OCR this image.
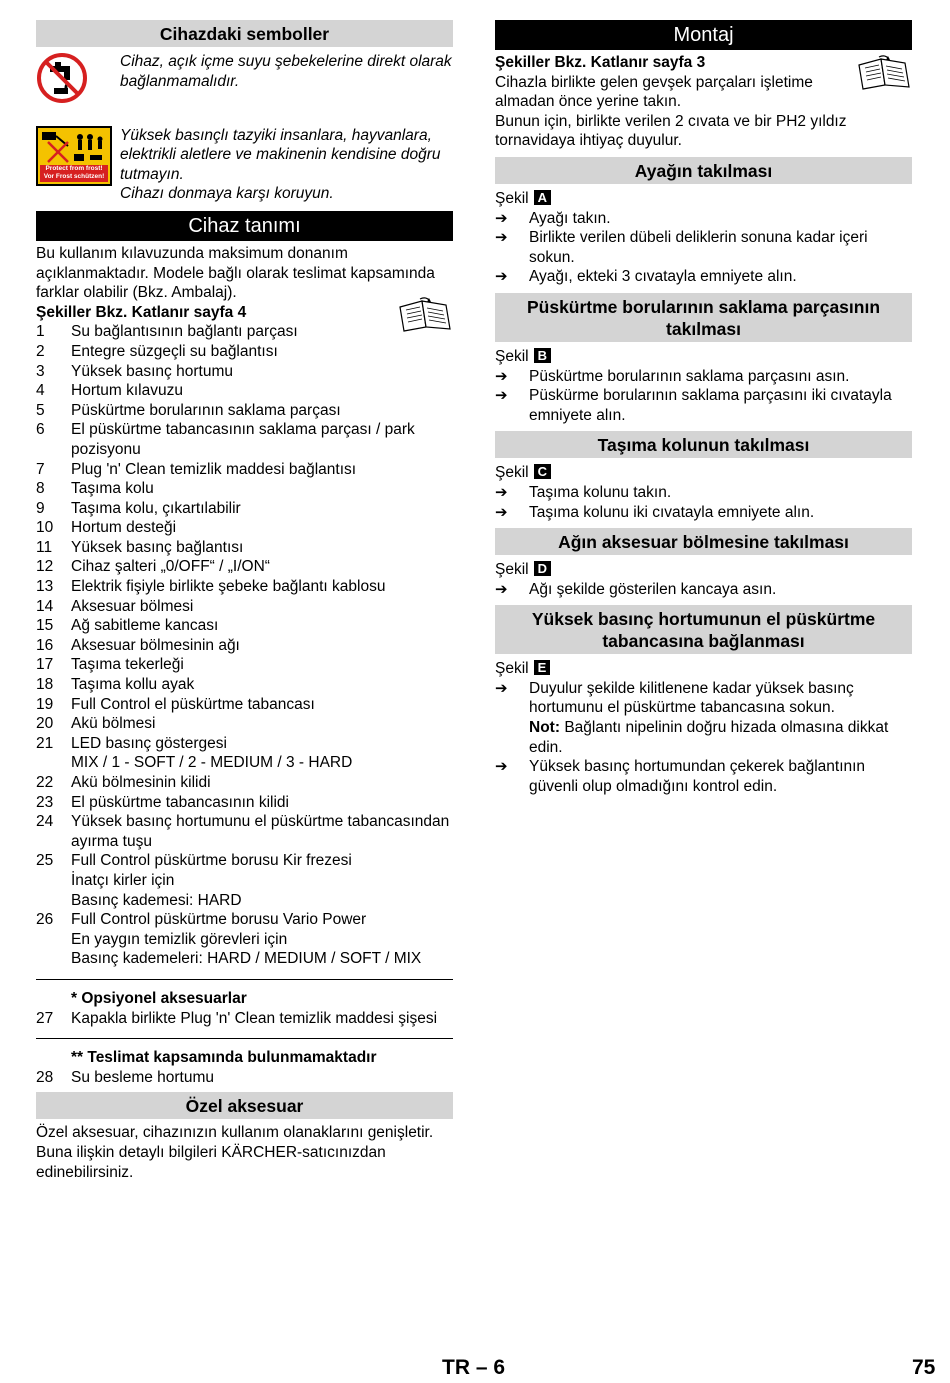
Cihazdaki semboller
Cihaz, açık içme suyu şebekelerine direkt olarak bağlanmamalıdır.
Protect from frost!
Vor Frost schützen!

Yüksek basınçlı tazyiki insanlara, hayvanlara, elektrikli aletlere ve makinenin kendisine doğru tutmayın.

Cihazı donmaya karşı koruyun.

Cihaz tanımı

Bu kullanım kılavuzunda maksimum donanım açıklanmaktadır. Modele bağlı olarak teslimat kapsamında farklar olabilir (Bkz. Ambalaj).

Şekiller Bkz. Katlanır sayfa 4

1	Su bağlantısının bağlantı parçası
2	Entegre süzgeçli su bağlantısı
3	Yüksek basınç hortumu
4	Hortum kılavuzu
5	Püskürtme borularının saklama parçası
6	El püskürtme tabancasının saklama parçası / park pozisyonu
7	Plug 'n' Clean temizlik maddesi bağlantısı
8	Taşıma kolu
9	Taşıma kolu, çıkartılabilir
10	Hortum desteği
11	Yüksek basınç bağlantısı
12	Cihaz şalteri „0/OFF“ / „I/ON“
13	Elektrik fişiyle birlikte şebeke bağlantı kablosu
14	Aksesuar bölmesi
15	Ağ sabitleme kancası
16	Aksesuar bölmesinin ağı
17	Taşıma tekerleği
18	Taşıma kollu ayak
19	Full Control el püskürtme tabancası
20	Akü bölmesi
21	LED basınç göstergesi
MIX / 1 - SOFT / 2 - MEDIUM / 3 - HARD
22	Akü bölmesinin kilidi
23	El püskürtme tabancasının kilidi
24	Yüksek basınç hortumunu el püskürtme tabancasından ayırma tuşu
25	Full Control püskürtme borusu Kir frezesi
İnatçı kirler için
Basınç kademesi: HARD
26	Full Control püskürtme borusu Vario Power
En yaygın temizlik görevleri için
Basınç kademeleri: HARD / MEDIUM / SOFT / MIX
* Opsiyonel aksesuarlar
27	Kapakla birlikte Plug 'n' Clean temizlik maddesi şişesi
** Teslimat kapsamında bulunmamaktadır
28	Su besleme hortumu
Özel aksesuar

Özel aksesuar, cihazınızın kullanım olanaklarını genişletir. Buna ilişkin detaylı bilgileri KÄRCHER-satıcınızdan edinebilirsiniz.

Montaj

Şekiller Bkz. Katlanır sayfa 3

Cihazla birlikte gelen gevşek parçaları işletime almadan önce yerine takın.

Bunun için, birlikte verilen 2 cıvata ve bir PH2 yıldız tornavidaya ihtiyaç duyulur.

Ayağın takılması

Şekil A

➔	Ayağı takın.
➔	Birlikte verilen dübeli deliklerin sonuna kadar içeri sokun.
➔	Ayağı, ekteki 3 cıvatayla emniyete alın.
Püskürtme borularının saklama parçasının takılması

Şekil B

➔	Püskürtme borularının saklama parçasını asın.
➔	Püskürme borularının saklama parçasını iki cıvatayla emniyete alın.
Taşıma kolunun takılması

Şekil C

➔	Taşıma kolunu takın.
➔	Taşıma kolunu iki cıvatayla emniyete alın.
Ağın aksesuar bölmesine takılması

Şekil D

➔	Ağı şekilde gösterilen kancaya asın.
Yüksek basınç hortumunun el püskürtme tabancasına bağlanması

Şekil E

➔	Duyulur şekilde kilitlenene kadar yüksek basınç hortumunu el püskürtme tabancasına sokun.
Not: Bağlantı nipelinin doğru hizada olmasına dikkat edin.
➔	Yüksek basınç hortumundan çekerek bağlantının güvenli olup olmadığını kontrol edin.
TR – 6	75
